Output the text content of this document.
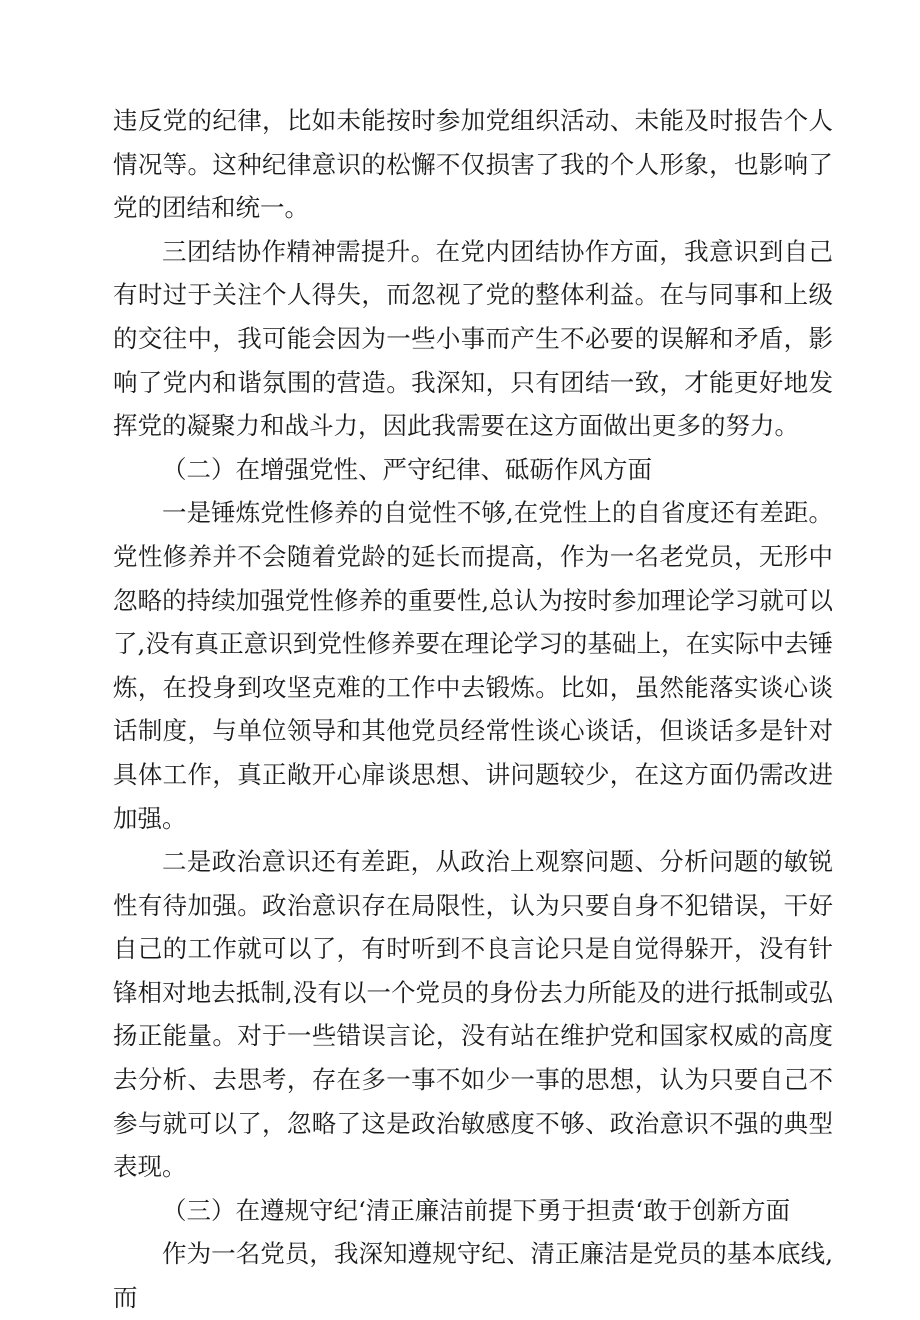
违反党的纪律，比如未能按时参加党组织活动、未能及时报告个人情况等。这种纪律意识的松懈不仅损害了我的个人形象，也影响了党的团结和统一。

三团结协作精神需提升。在党内团结协作方面，我意识到自己有时过于关注个人得失，而忽视了党的整体利益。在与同事和上级的交往中，我可能会因为一些小事而产生不必要的误解和矛盾，影响了党内和谐氛围的营造。我深知，只有团结一致，才能更好地发挥党的凝聚力和战斗力，因此我需要在这方面做出更多的努力。

（二）在增强党性、严守纪律、砥砺作风方面

一是锤炼党性修养的自觉性不够,在党性上的自省度还有差距。党性修养并不会随着党龄的延长而提高，作为一名老党员，无形中忽略的持续加强党性修养的重要性,总认为按时参加理论学习就可以了,没有真正意识到党性修养要在理论学习的基础上，在实际中去锤炼，在投身到攻坚克难的工作中去锻炼。比如，虽然能落实谈心谈话制度，与单位领导和其他党员经常性谈心谈话，但谈话多是针对具体工作，真正敞开心扉谈思想、讲问题较少，在这方面仍需改进加强。

二是政治意识还有差距，从政治上观察问题、分析问题的敏锐性有待加强。政治意识存在局限性，认为只要自身不犯错误，干好自己的工作就可以了，有时听到不良言论只是自觉得躲开，没有针锋相对地去抵制,没有以一个党员的身份去力所能及的进行抵制或弘扬正能量。对于一些错误言论，没有站在维护党和国家权威的高度去分析、去思考，存在多一事不如少一事的思想，认为只要自己不参与就可以了，忽略了这是政治敏感度不够、政治意识不强的典型表现。

（三）在遵规守纪‘清正廉洁前提下勇于担责‘敢于创新方面

作为一名党员，我深知遵规守纪、清正廉洁是党员的基本底线,而
